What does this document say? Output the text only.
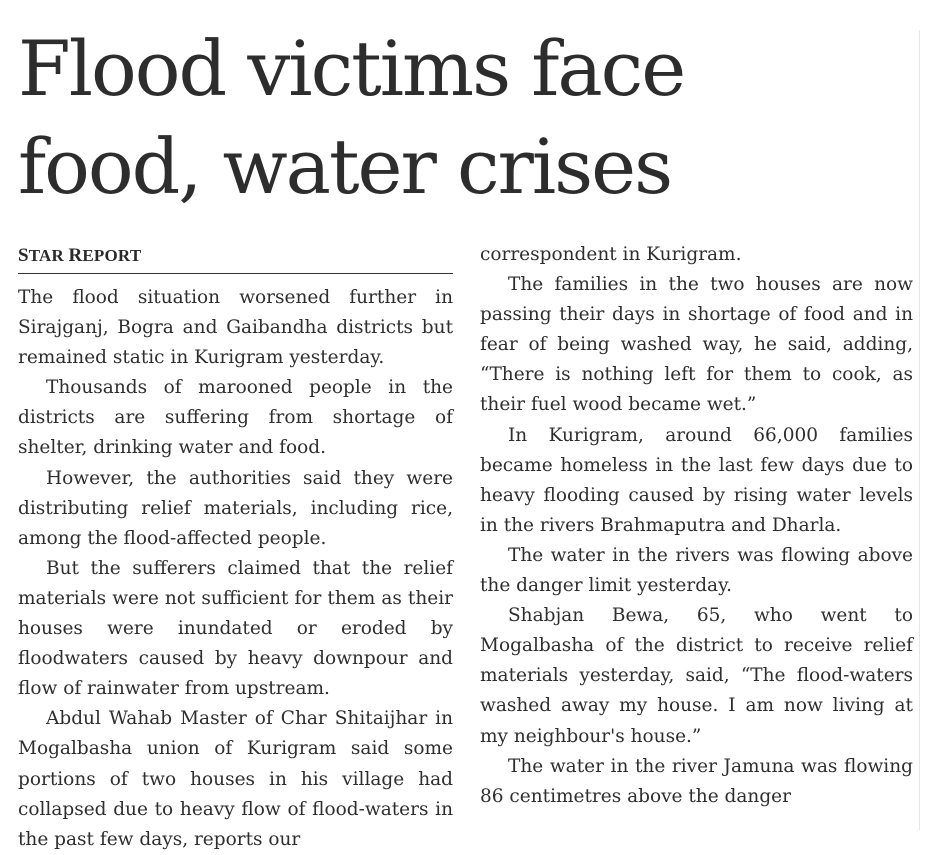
Flood victims face
food, water crises
STAR REPORT

The flood situation worsened further in Sirajganj, Bogra and Gaibandha districts but remained static in Kurigram yesterday.

Thousands of marooned people in the districts are suffering from shortage of shelter, drinking water and food.

However, the authorities said they were distributing relief materials, including rice, among the flood-affected people.

But the sufferers claimed that the relief materials were not sufficient for them as their houses were inundated or eroded by floodwaters caused by heavy downpour and flow of rainwater from upstream.

Abdul Wahab Master of Char Shitaijhar in Mogalbasha union of Kurigram said some portions of two houses in his village had collapsed due to heavy flow of flood-waters in the past few days, reports our

correspondent in Kurigram.

The families in the two houses are now passing their days in shortage of food and in fear of being washed way, he said, adding, “There is nothing left for them to cook, as their fuel wood became wet.”

In Kurigram, around 66,000 families became homeless in the last few days due to heavy flooding caused by rising water levels in the rivers Brahmaputra and Dharla.

The water in the rivers was flowing above the danger limit yesterday.

Shabjan Bewa, 65, who went to Mogalbasha of the district to receive relief materials yesterday, said, “The flood-waters washed away my house. I am now living at my neighbour's house.”

The water in the river Jamuna was flowing 86 centimetres above the danger
